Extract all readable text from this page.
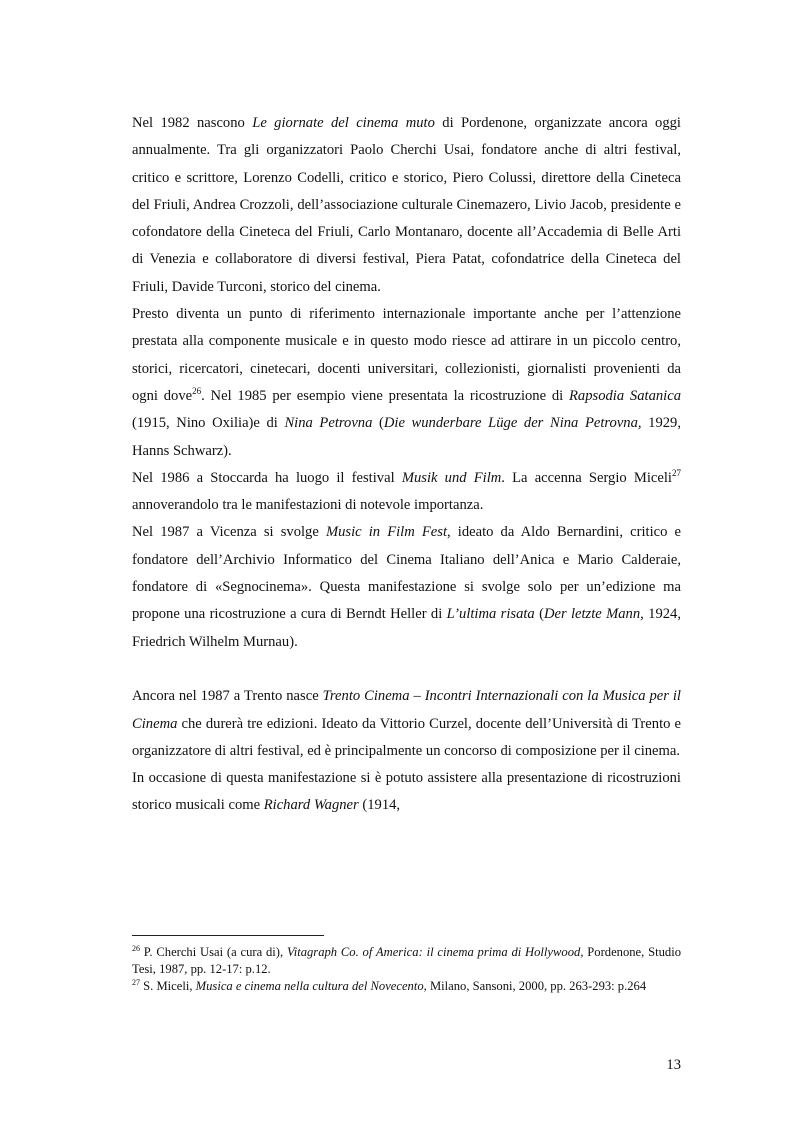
Nel 1982 nascono Le giornate del cinema muto di Pordenone, organizzate ancora oggi annualmente. Tra gli organizzatori Paolo Cherchi Usai, fondatore anche di altri festival, critico e scrittore, Lorenzo Codelli, critico e storico, Piero Colussi, direttore della Cineteca del Friuli, Andrea Crozzoli, dell’associazione culturale Cinemazero, Livio Jacob, presidente e cofondatore della Cineteca del Friuli, Carlo Montanaro, docente all’Accademia di Belle Arti di Venezia e collaboratore di diversi festival, Piera Patat, cofondatrice della Cineteca del Friuli, Davide Turconi, storico del cinema.

Presto diventa un punto di riferimento internazionale importante anche per l’attenzione prestata alla componente musicale e in questo modo riesce ad attirare in un piccolo centro, storici, ricercatori, cinetecari, docenti universitari, collezionisti, giornalisti provenienti da ogni dove$^{26}$. Nel 1985 per esempio viene presentata la ricostruzione di Rapsodia Satanica (1915, Nino Oxilia)e di Nina Petrovna (Die wunderbare Lüge der Nina Petrovna, 1929, Hanns Schwarz).

Nel 1986 a Stoccarda ha luogo il festival Musik und Film. La accenna Sergio Miceli$^{27}$ annoverandolo tra le manifestazioni di notevole importanza.

Nel 1987 a Vicenza si svolge Music in Film Fest, ideato da Aldo Bernardini, critico e fondatore dell’Archivio Informatico del Cinema Italiano dell’Anica e Mario Calderaie, fondatore di «Segnocinema». Questa manifestazione si svolge solo per un’edizione ma propone una ricostruzione a cura di Berndt Heller di L’ultima risata (Der letzte Mann, 1924, Friedrich Wilhelm Murnau).

Ancora nel 1987 a Trento nasce Trento Cinema – Incontri Internazionali con la Musica per il Cinema che durerà tre edizioni. Ideato da Vittorio Curzel, docente dell’Università di Trento e organizzatore di altri festival, ed è principalmente un concorso di composizione per il cinema.

In occasione di questa manifestazione si è potuto assistere alla presentazione di ricostruzioni storico musicali come Richard Wagner (1914,

$^{26}$ P. Cherchi Usai (a cura di), Vitagraph Co. of America: il cinema prima di Hollywood, Pordenone, Studio Tesi, 1987, pp. 12-17: p.12.

$^{27}$ S. Miceli, Musica e cinema nella cultura del Novecento, Milano, Sansoni, 2000, pp. 263-293: p.264

13
